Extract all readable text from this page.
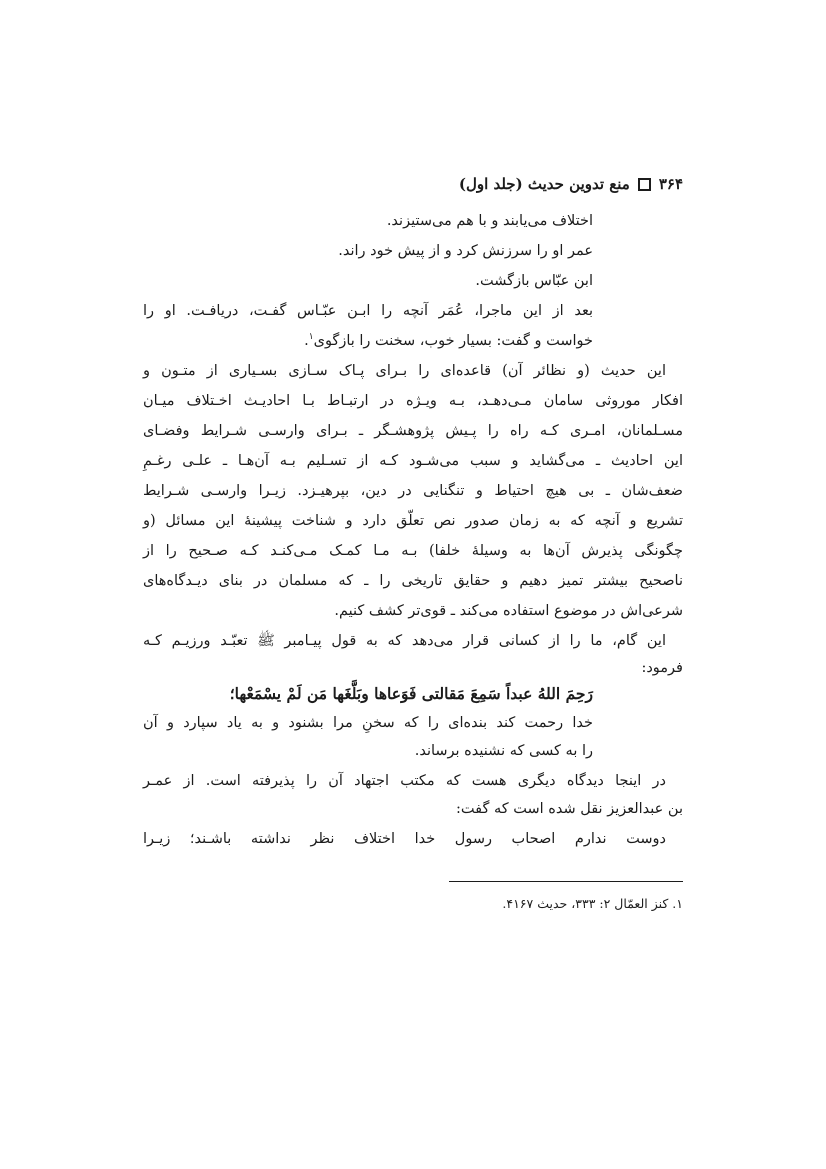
۳۶۴
منع تدوین حدیث (جلد اول)
اختلاف می‌یابند و با هم می‌ستیزند.
عمر او را سرزنش کرد و از پیش خود راند.
ابن عبّاس بازگشت.
بعد از این ماجرا، عُمَر آنچه را ابـن عبّـاس گفـت، دریافـت. او را
خواست و گفت: بسیار خوب، سخنت را بازگوی$^۱$.
این حدیث (و نظائر آن) قاعده‌ای را بـرای پـاک سـازی بسـیاری از متـون و
افکار موروثی سامان مـی‌دهـد، بـه ویـژه در ارتبـاط بـا احادیـث اخـتلاف میـان
مسـلمانان، امـری کـه راه را پـیش پژوهشـگر ـ بـرای وارسـی شـرایط وفضـای
این احادیث ـ می‌گشاید و سبب می‌شـود کـه از تسـلیم بـه آن‌هـا ـ علـی رغـمِ
ضعف‌شان ـ بی هیچ احتیاط و تنگنایی در دین، بپرهیـزد. زیـرا وارسـی شـرایط
تشریع و آنچه که به زمان صدور نص تعلّق دارد و شناخت پیشینهٔ این مسائل (و
چگونگی پذیرش آن‌ها به وسیلهٔ خلفا) بـه مـا کمـک مـی‌کنـد کـه صـحیح را از
ناصحیح بیشتر تمیز دهیم و حقایق تاریخی را ـ که مسلمان در بنای دیـدگاه‌های
شرعی‌اش در موضوع استفاده می‌کند ـ قوی‌تر کشف کنیم.
این گام، ما را از کسانی قرار می‌دهد که به قول پیـامبر ﷺ تعبّـد ورزیـم کـه
فرمود:
رَحِمَ اللهُ عبداً سَمِعَ مَقالتی فَوَعاها وبَلَّغَها مَن لَمْ يسْمَعْها؛
خدا رحمت کند بنده‌ای را که سخنِ مرا بشنود و به یاد سپارد و آن
را به کسی که نشنیده برساند.
در اینجا دیدگاه دیگری هست که مکتب اجتهاد آن را پذیرفته است. از عمـر
بن عبدالعزیز نقل شده است که گفت:
دوست ندارم اصحاب رسول خدا اختلاف نظر نداشته باشـند؛ زیـرا
۱. کنز العمّال ۲: ۳۳۳، حدیث ۴۱۶۷.
